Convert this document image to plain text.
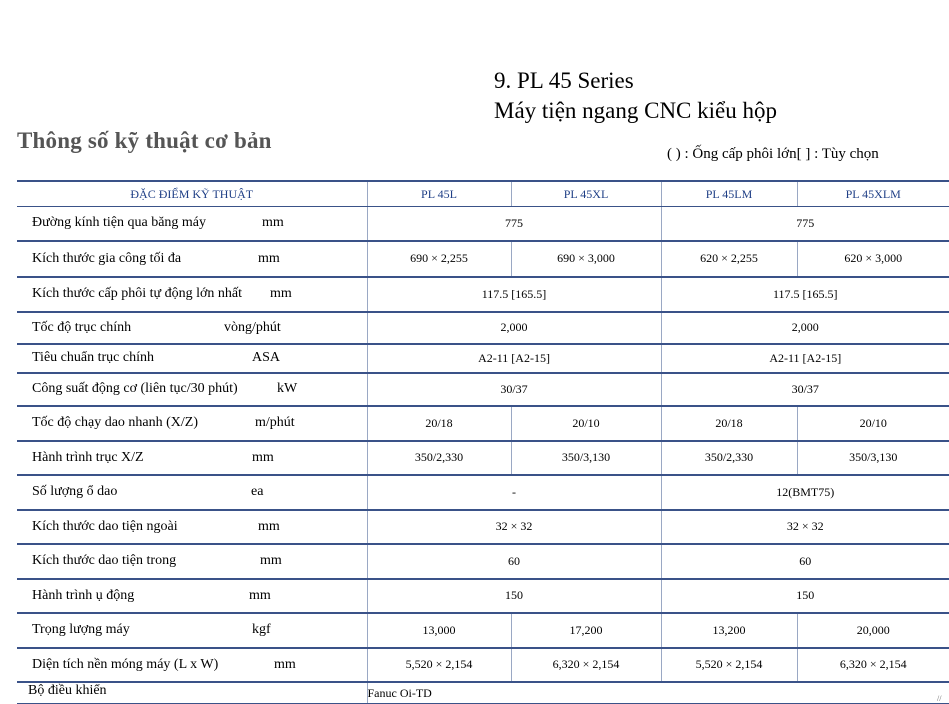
9. PL 45 Series
Máy tiện ngang CNC kiểu hộp
Thông số kỹ thuật cơ bản
( ) : Ống cấp phôi lớn[ ] : Tùy chọn
ĐẶC ĐIỂM KỸ THUẬT	PL 45L	PL 45XL	PL 45LM	PL 45XLM
Đường kính tiện qua băng máy mm	775		775	
Kích thước gia công tối đa mm	690 × 2,255	690 × 3,000	620 × 2,255	620 × 3,000
Kích thước cấp phôi tự động lớn nhất mm	117.5 [165.5]		117.5 [165.5]	
Tốc độ trục chính vòng/phút	2,000		2,000	
Tiêu chuẩn trục chính ASA	A2-11 [A2-15]		A2-11 [A2-15]	
Công suất động cơ (liên tục/30 phút) kW	30/37		30/37	
Tốc độ chạy dao nhanh (X/Z) m/phút	20/18	20/10	20/18	20/10
Hành trình trục X/Z mm	350/2,330	350/3,130	350/2,330	350/3,130
Số lượng ổ dao ea	-		12(BMT75)	
Kích thước dao tiện ngoài mm	32 × 32		32 × 32	
Kích thước dao tiện trong mm	60		60	
Hành trình ụ động mm	150		150	
Trọng lượng máy kgf	13,000	17,200	13,200	20,000
Diện tích nền móng máy (L x W) mm	5,520 × 2,154	6,320 × 2,154	5,520 × 2,154	6,320 × 2,154
Bộ điều khiển	Fanuc Oi-TD				//
